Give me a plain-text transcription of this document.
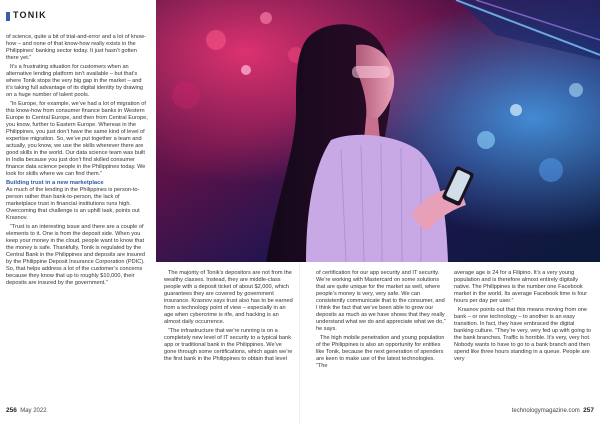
TONIK

of science, quite a bit of trial-and-error and a lot of know-how – and none of that know-how really exists in the Philippines’ banking sector today. It just hasn’t gotten there yet.”

It’s a frustrating situation for customers when an alternative lending platform isn’t available – but that’s where Tonik stops the very big gap in the market – and it’s taking full advantage of its digital identity by drawing on a huge number of talent pools.

“In Europe, for example, we’ve had a lot of migration of this know-how from consumer finance banks in Western Europe to Central Europe, and then from Central Europe, you know, further to Eastern Europe. Whereas in the Philippines, you just don’t have the same kind of level of expertise migration. So, we’ve put together a team and actually, you know, we use the skills wherever there are good skills in the world. Our data science team was built in India because you just don’t find skilled consumer finance data science people in the Philippines today. We look for skills where we can find them.”

Building trust in a new marketplace

As much of the lending in the Philippines is person-to-person rather than bank-to-person, the lack of marketplace trust in financial institutions runs high. Overcoming that challenge is an uphill task, points out Krasnov.

“Trust is an interesting issue and there are a couple of elements to it. One is from the deposit side. When you keep your money in the cloud, people want to know that the money is safe. Thankfully, Tonik is regulated by the Central Bank in the Philippines and deposits are insured by the Philippine Deposit Insurance Corporation (PDIC). So, that helps address a lot of the customer’s concerns because they know that up to roughly $10,000, their deposits are insured by the government.”

The majority of Tonik’s depositors are not from the wealthy classes. Instead, they are middle-class people with a deposit ticket of about $2,000, which guarantees they are covered by government insurance. Krasnov says trust also has to be earned from a technology point of view – especially in an age when cybercrime is rife, and hacking is an almost daily occurrence.

“The infrastructure that we’re running is on a completely new level of IT security to a typical bank app or traditional bank in the Philippines. We’ve gone through some certifications, which again we’re the first bank in the Philippines to obtain that level

of certification for our app security and IT security. We’re working with Mastercard on some solutions that are quite unique for the market as well, where people’s money is very, very safe. We can consistently communicate that to the consumer, and I think the fact that we’ve been able to grow our deposits as much as we have shows that they really understand what we do and appreciate what we do,” he says.

The high mobile penetration and young population of the Philippines is also an opportunity for entities like Tonik, because the next generation of spenders are keen to make use of the latest technologies. “The

average age is 24 for a Filipino. It’s a very young population and is therefore almost entirely digitally native. The Philippines is the number one Facebook market in the world. Its average Facebook time is four hours per day per user.”

Krasnov points out that this means moving from one bank – or one technology – to another is an easy transition. In fact, they have embraced the digital banking culture. “They’re very, very fed up with going to the bank branches. Traffic is horrible. It’s very, very hot. Nobody wants to have to go to a bank branch and then spend like three hours standing in a queue. People are very

256 May 2022	technologymagazine.com 257
